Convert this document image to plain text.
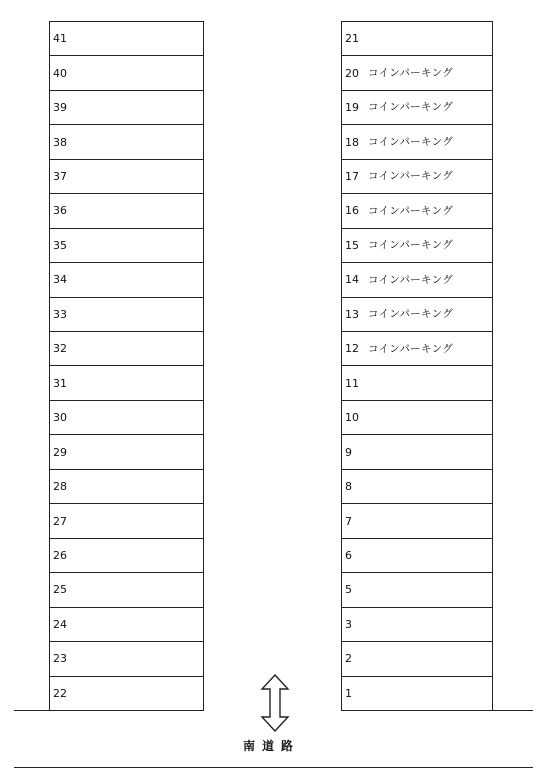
41
40
39
38
37
36
35
34
33
32
31
30
29
28
27
26
25
24
23
22
21
20 コインパーキング
19 コインパーキング
18 コインパーキング
17 コインパーキング
16 コインパーキング
15 コインパーキング
14 コインパーキング
13 コインパーキング
12 コインパーキング
11
10
9
8
7
6
5
3
2
1
南道路
